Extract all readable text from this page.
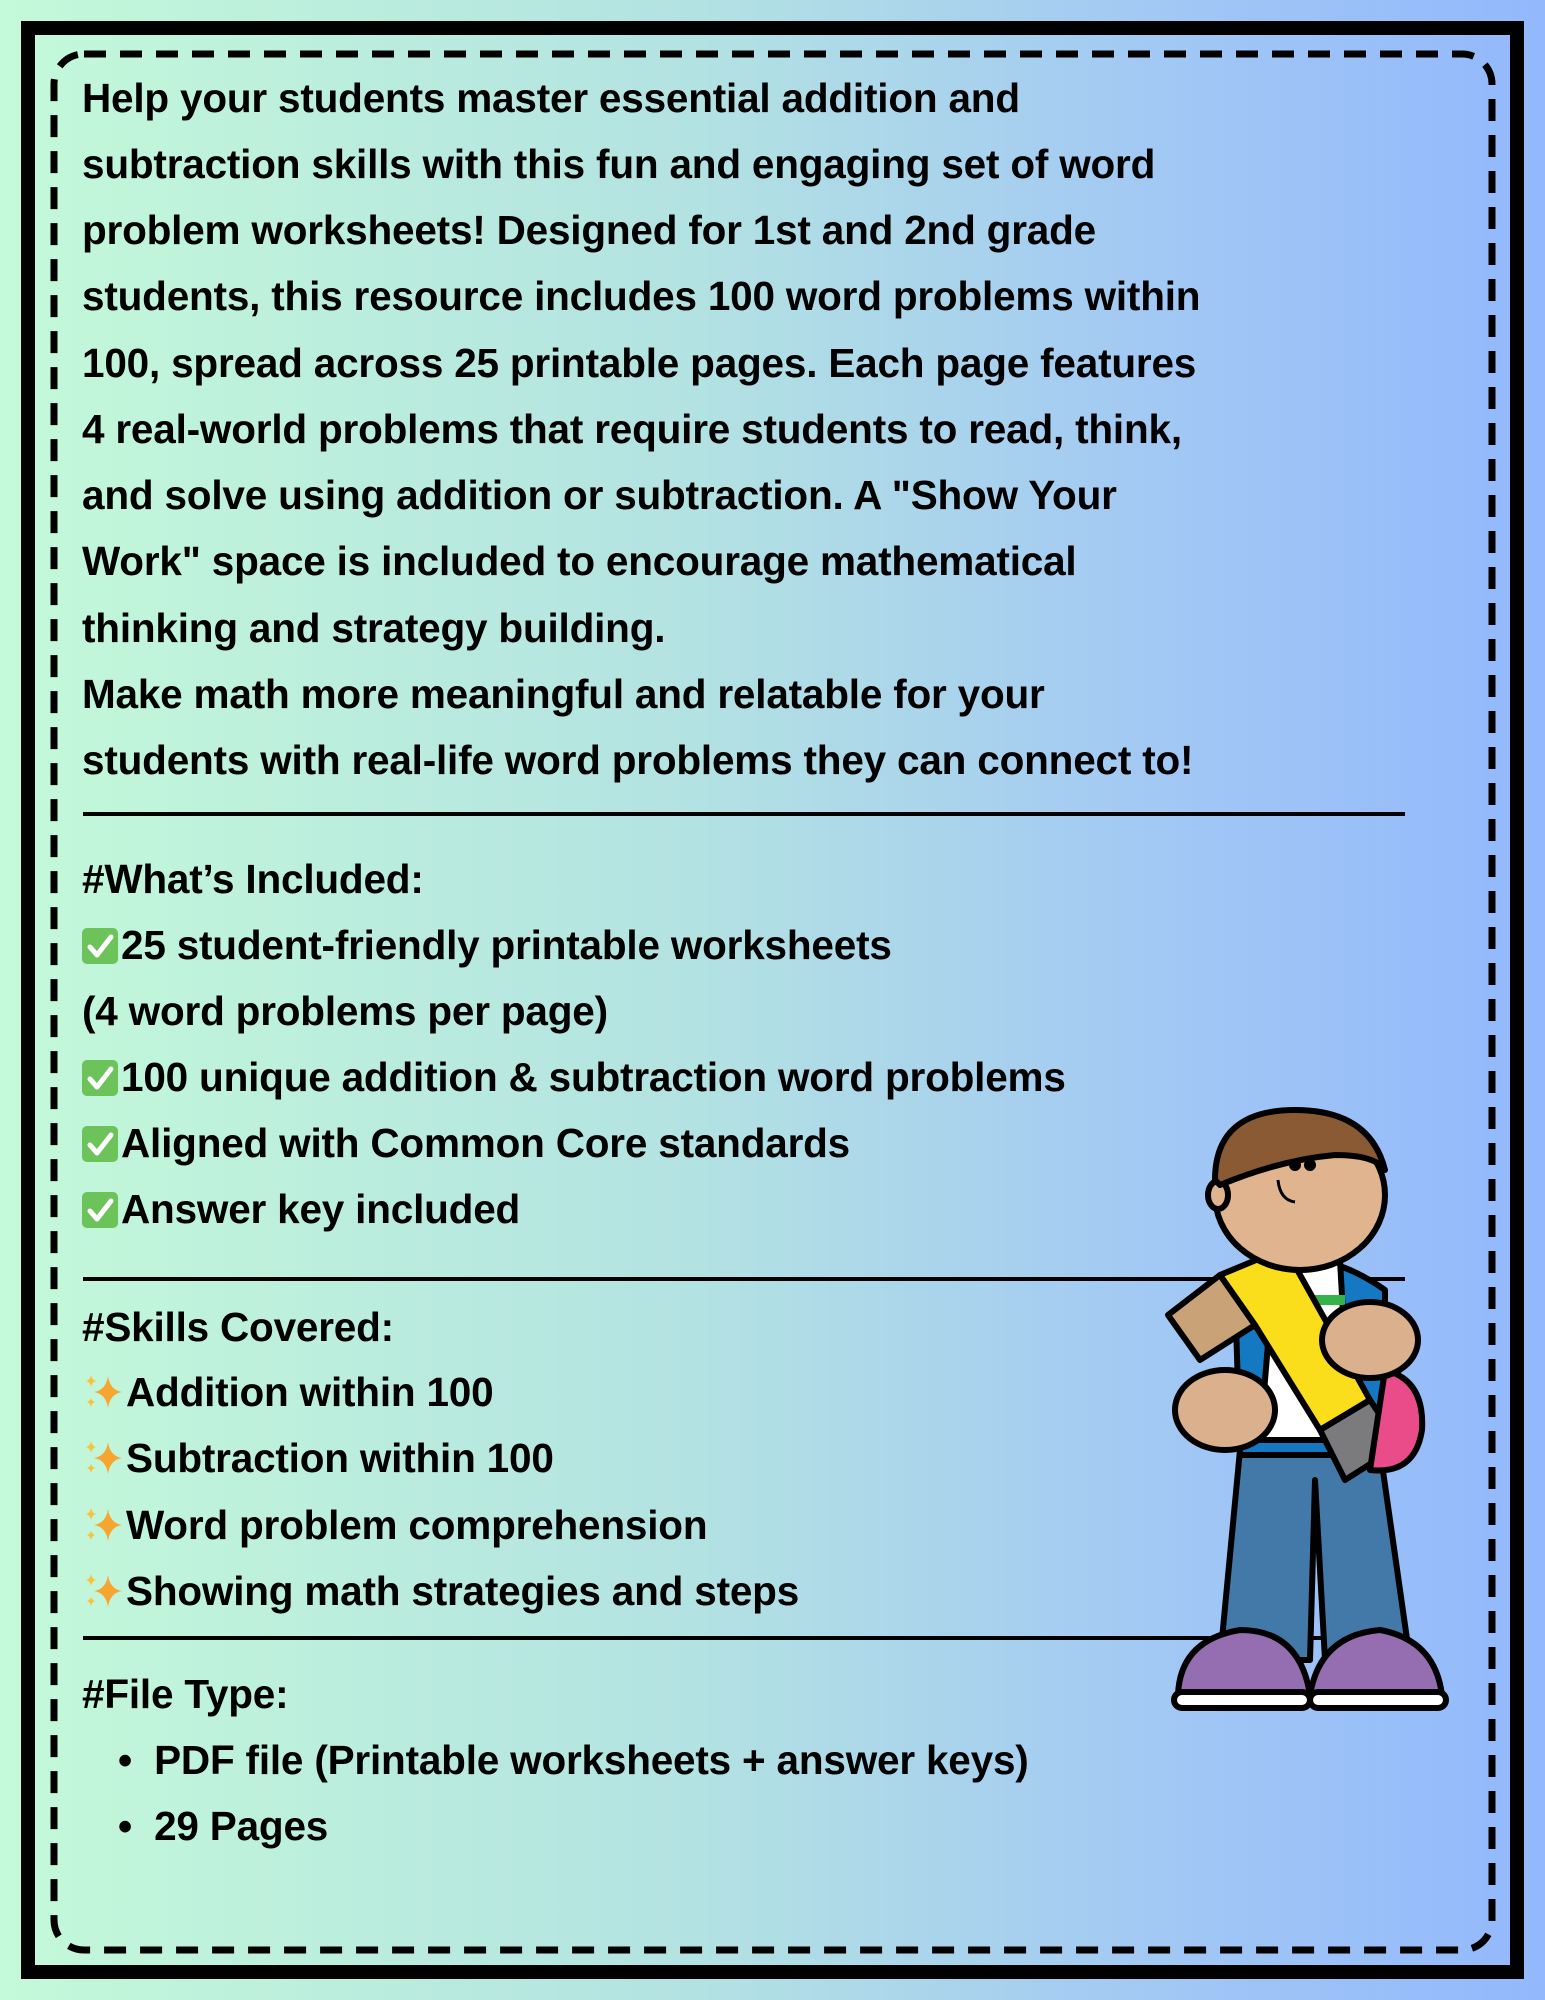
Help your students master essential addition and
subtraction skills with this fun and engaging set of word
problem worksheets! Designed for 1st and 2nd grade
students, this resource includes 100 word problems within
100, spread across 25 printable pages. Each page features
4 real-world problems that require students to read, think,
and solve using addition or subtraction. A "Show Your
Work" space is included to encourage mathematical
thinking and strategy building.
Make math more meaningful and relatable for your
students with real-life word problems they can connect to!
#What’s Included:
25 student-friendly printable worksheets
(4 word problems per page)
100 unique addition & subtraction word problems
Aligned with Common Core standards
Answer key included
#Skills Covered:
Addition within 100
Subtraction within 100
Word problem comprehension
Showing math strategies and steps
#File Type:
•  PDF file (Printable worksheets + answer keys)
•  29 Pages
